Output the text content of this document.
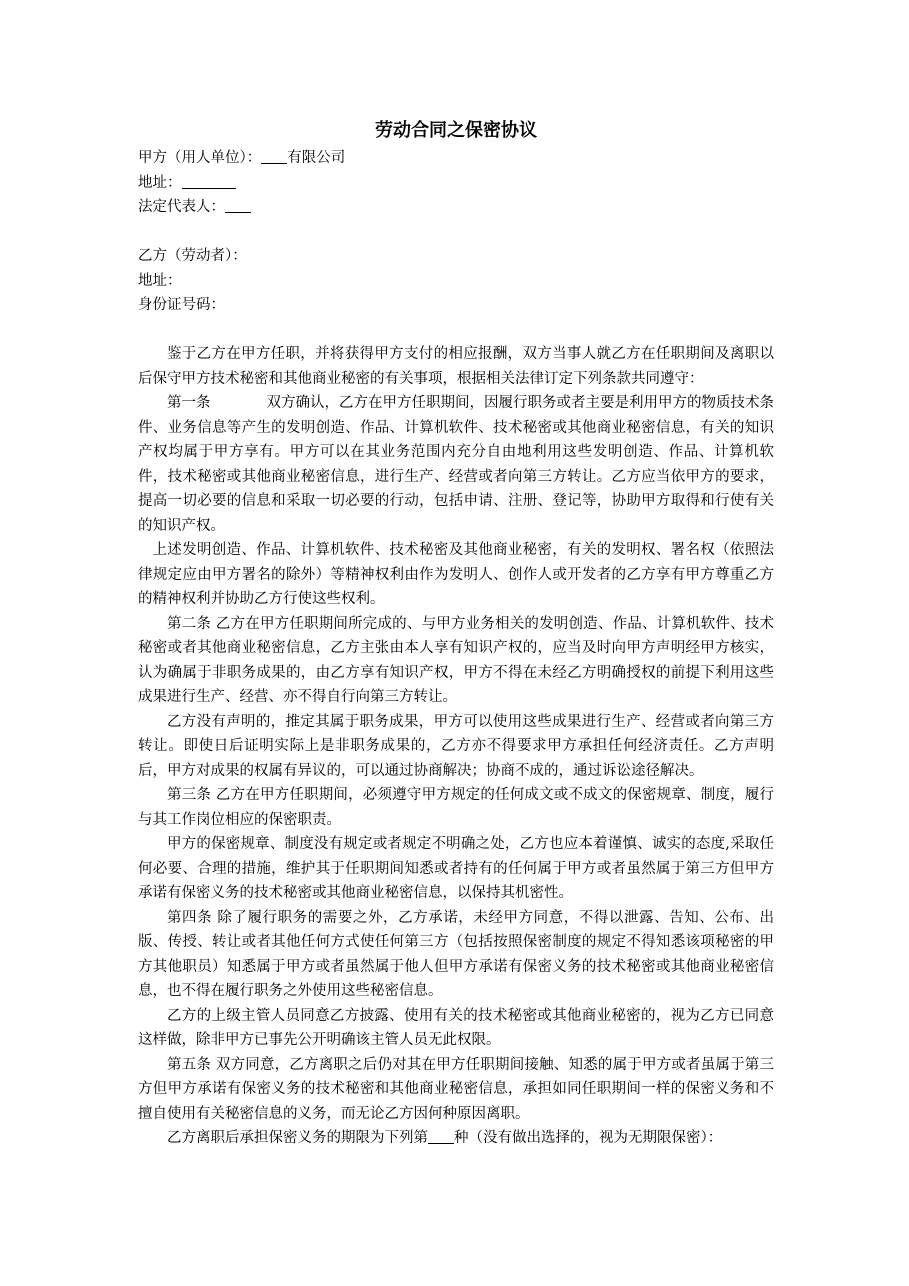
劳动合同之保密协议
甲方（用人单位）： 有限公司
地址：
法定代表人：
乙方（劳动者）：
地址：
身份证号码：

鉴于乙方在甲方任职，并将获得甲方支付的相应报酬，双方当事人就乙方在任职期间及离职以后保守甲方技术秘密和其他商业秘密的有关事项，根据相关法律订定下列条款共同遵守：

第一条	双方确认，乙方在甲方任职期间，因履行职务或者主要是利用甲方的物质技术条件、业务信息等产生的发明创造、作品、计算机软件、技术秘密或其他商业秘密信息，有关的知识产权均属于甲方享有。甲方可以在其业务范围内充分自由地利用这些发明创造、作品、计算机软件，技术秘密或其他商业秘密信息，进行生产、经营或者向第三方转让。乙方应当依甲方的要求，提高一切必要的信息和采取一切必要的行动，包括申请、注册、登记等，协助甲方取得和行使有关的知识产权。

上述发明创造、作品、计算机软件、技术秘密及其他商业秘密，有关的发明权、署名权（依照法律规定应由甲方署名的除外）等精神权利由作为发明人、创作人或开发者的乙方享有甲方尊重乙方的精神权利并协助乙方行使这些权利。

第二条 乙方在甲方任职期间所完成的、与甲方业务相关的发明创造、作品、计算机软件、技术秘密或者其他商业秘密信息，乙方主张由本人享有知识产权的，应当及时向甲方声明经甲方核实，认为确属于非职务成果的，由乙方享有知识产权，甲方不得在未经乙方明确授权的前提下利用这些成果进行生产、经营、亦不得自行向第三方转让。

乙方没有声明的，推定其属于职务成果，甲方可以使用这些成果进行生产、经营或者向第三方转让。即使日后证明实际上是非职务成果的，乙方亦不得要求甲方承担任何经济责任。乙方声明后，甲方对成果的权属有异议的，可以通过协商解决；协商不成的，通过诉讼途径解决。

第三条 乙方在甲方任职期间，必须遵守甲方规定的任何成文或不成文的保密规章、制度，履行与其工作岗位相应的保密职责。

甲方的保密规章、制度没有规定或者规定不明确之处，乙方也应本着谨慎、诚实的态度,采取任何必要、合理的措施，维护其于任职期间知悉或者持有的任何属于甲方或者虽然属于第三方但甲方承诺有保密义务的技术秘密或其他商业秘密信息，以保持其机密性。

第四条 除了履行职务的需要之外，乙方承诺，未经甲方同意，不得以泄露、告知、公布、出版、传授、转让或者其他任何方式使任何第三方（包括按照保密制度的规定不得知悉该项秘密的甲方其他职员）知悉属于甲方或者虽然属于他人但甲方承诺有保密义务的技术秘密或其他商业秘密信息，也不得在履行职务之外使用这些秘密信息。

乙方的上级主管人员同意乙方披露、使用有关的技术秘密或其他商业秘密的，视为乙方已同意这样做，除非甲方已事先公开明确该主管人员无此权限。

第五条 双方同意，乙方离职之后仍对其在甲方任职期间接触、知悉的属于甲方或者虽属于第三方但甲方承诺有保密义务的技术秘密和其他商业秘密信息，承担如同任职期间一样的保密义务和不擅自使用有关秘密信息的义务，而无论乙方因何种原因离职。

乙方离职后承担保密义务的期限为下列第 种（没有做出选择的，视为无期限保密）：
